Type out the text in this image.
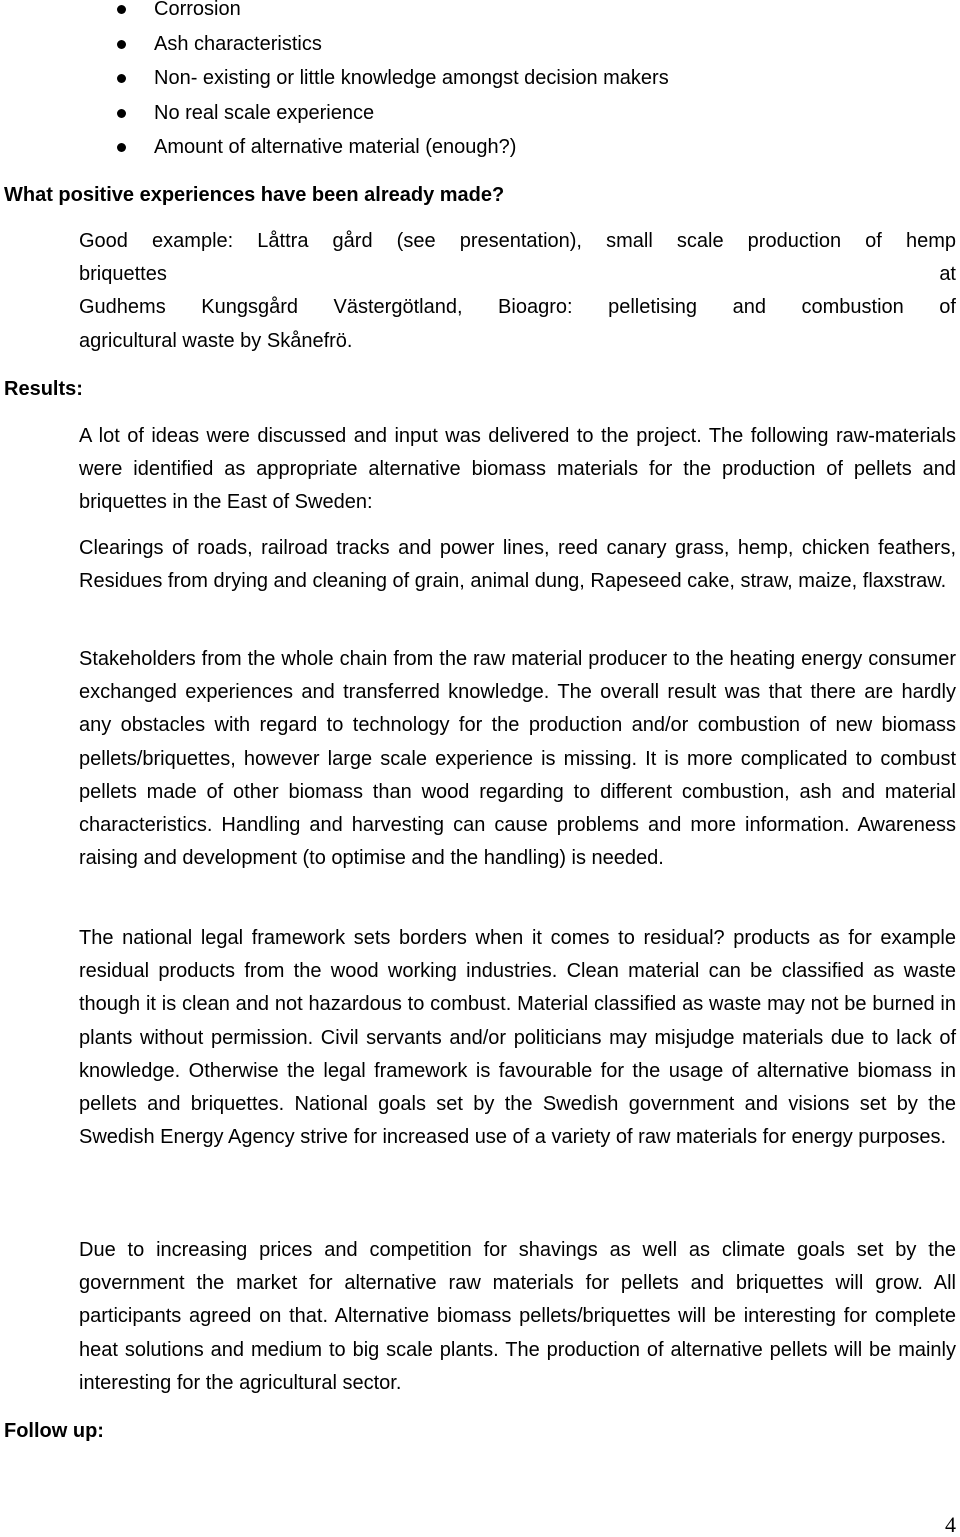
Corrosion
Ash characteristics
Non- existing or little knowledge amongst decision makers
No real scale experience
Amount of alternative material (enough?)
What positive experiences have been already made?
Good example: Låttra gård (see presentation), small scale production of hemp
briquettes	at
Gudhems Kungsgård Västergötland, Bioagro: pelletising and combustion of
agricultural waste by Skånefrö.
Results:

A lot of ideas were discussed and input was delivered to the project. The following raw-materials were identified as appropriate alternative biomass materials for the production of pellets and briquettes in the East of Sweden:

Clearings of roads, railroad tracks and power lines, reed canary grass, hemp, chicken feathers, Residues from drying and cleaning of grain, animal dung, Rapeseed cake, straw, maize, flaxstraw.

Stakeholders from the whole chain from the raw material producer to the heating energy consumer exchanged experiences and transferred knowledge. The overall result was that there are hardly any obstacles with regard to technology for the production and/or combustion of new biomass pellets/briquettes, however large scale experience is missing. It is more complicated to combust pellets made of other biomass than wood regarding to different combustion, ash and material characteristics. Handling and harvesting can cause problems and more information. Awareness raising and development (to optimise and the handling) is needed.

The national legal framework sets borders when it comes to residual? products as for example residual products from the wood working industries. Clean material can be classified as waste though it is clean and not hazardous to combust. Material classified as waste may not be burned in plants without permission. Civil servants and/or politicians may misjudge materials due to lack of knowledge. Otherwise the legal framework is favourable for the usage of alternative biomass in pellets and briquettes. National goals set by the Swedish government and visions set by the Swedish Energy Agency strive for increased use of a variety of raw materials for energy purposes.

Due to increasing prices and competition for shavings as well as climate goals set by the government the market for alternative raw materials for pellets and briquettes will grow. All participants agreed on that. Alternative biomass pellets/briquettes will be interesting for complete heat solutions and medium to big scale plants. The production of alternative pellets will be mainly interesting for the agricultural sector.

Follow up:
4
